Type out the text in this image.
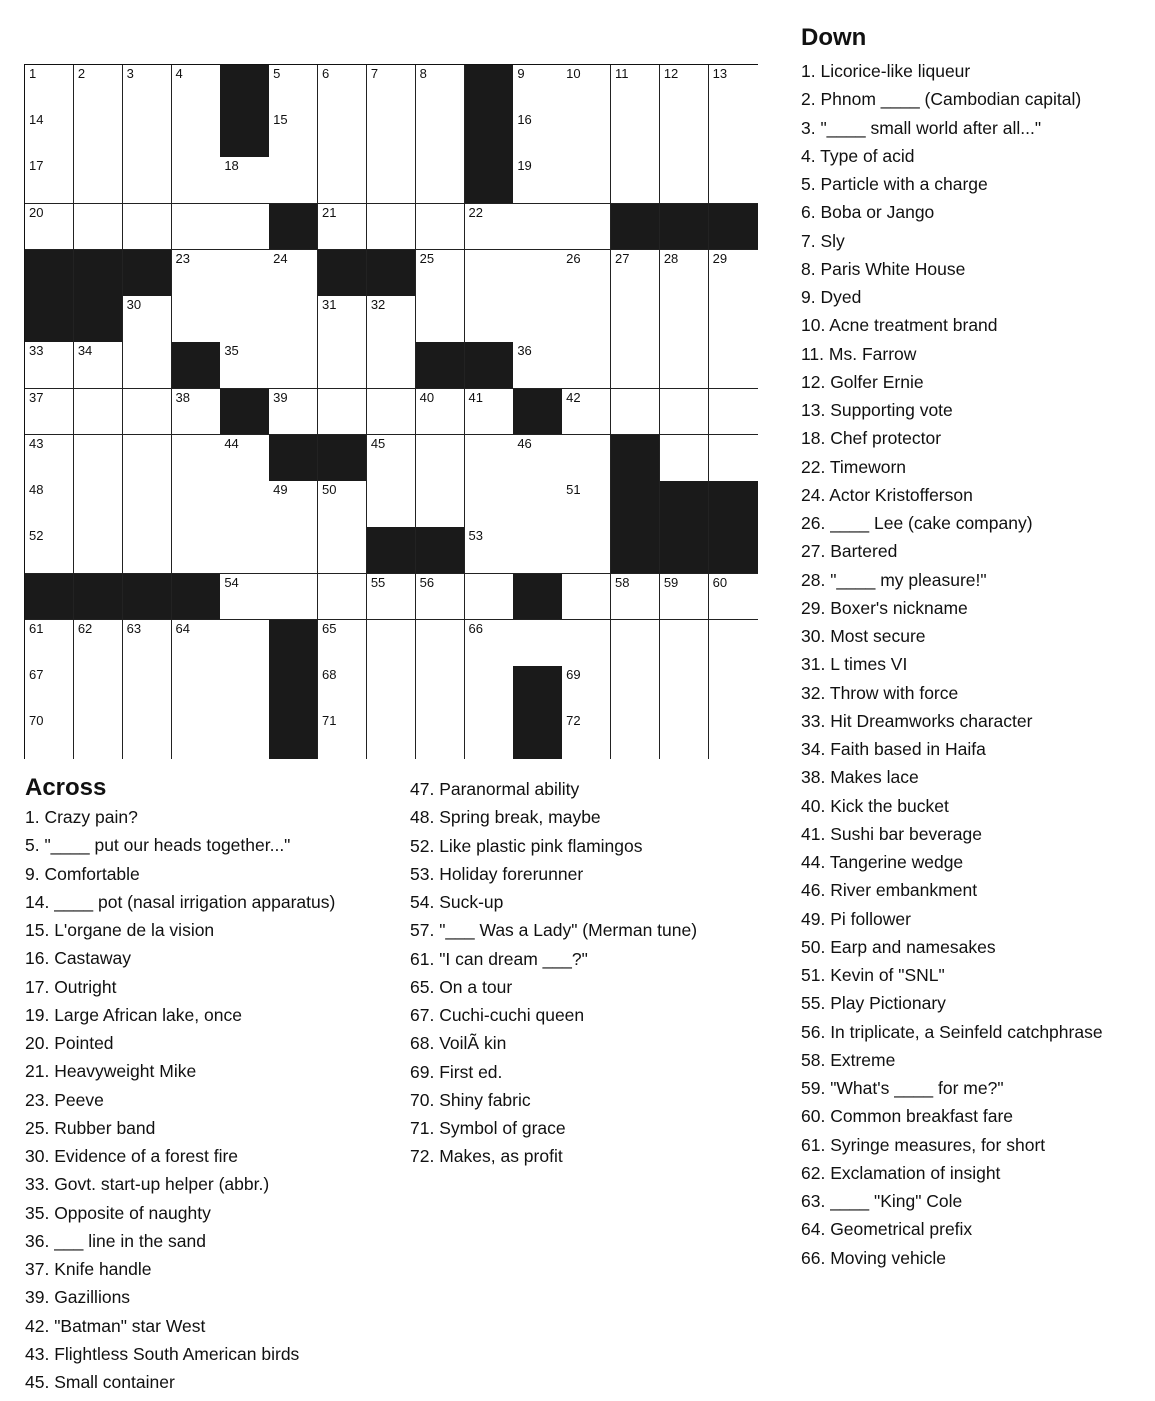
1	2	3	4	5	6	7	8	9	10	11	12	13
14	15	16
17	18	19
20	21	22
23	24	25	26	27	28	29
30	31	32
33	34	35	36
37	38	39	40	41	42
43	44	45	46
48	49	50	51
52	53
54	55	56	58	59	60
61	62	63	64	65	66
67	68	69
70	71	72
Across
1. Crazy pain?
5. "____ put our heads together..."
9. Comfortable
14. ____ pot (nasal irrigation apparatus)
15. L'organe de la vision
16. Castaway
17. Outright
19. Large African lake, once
20. Pointed
21. Heavyweight Mike
23. Peeve
25. Rubber band
30. Evidence of a forest fire
33. Govt. start-up helper (abbr.)
35. Opposite of naughty
36. ___ line in the sand
37. Knife handle
39. Gazillions
42. "Batman" star West
43. Flightless South American birds
45. Small container
47. Paranormal ability
48. Spring break, maybe
52. Like plastic pink flamingos
53. Holiday forerunner
54. Suck-up
57. "___ Was a Lady" (Merman tune)
61. "I can dream ___?"
65. On a tour
67. Cuchi-cuchi queen
68. VoilÃ kin
69. First ed.
70. Shiny fabric
71. Symbol of grace
72. Makes, as profit
Down
1. Licorice-like liqueur
2. Phnom ____ (Cambodian capital)
3. "____ small world after all..."
4. Type of acid
5. Particle with a charge
6. Boba or Jango
7. Sly
8. Paris White House
9. Dyed
10. Acne treatment brand
11. Ms. Farrow
12. Golfer Ernie
13. Supporting vote
18. Chef protector
22. Timeworn
24. Actor Kristofferson
26. ____ Lee (cake company)
27. Bartered
28. "____ my pleasure!"
29. Boxer's nickname
30. Most secure
31. L times VI
32. Throw with force
33. Hit Dreamworks character
34. Faith based in Haifa
38. Makes lace
40. Kick the bucket
41. Sushi bar beverage
44. Tangerine wedge
46. River embankment
49. Pi follower
50. Earp and namesakes
51. Kevin of "SNL"
55. Play Pictionary
56. In triplicate, a Seinfeld catchphrase
58. Extreme
59. "What's ____ for me?"
60. Common breakfast fare
61. Syringe measures, for short
62. Exclamation of insight
63. ____ "King" Cole
64. Geometrical prefix
66. Moving vehicle
